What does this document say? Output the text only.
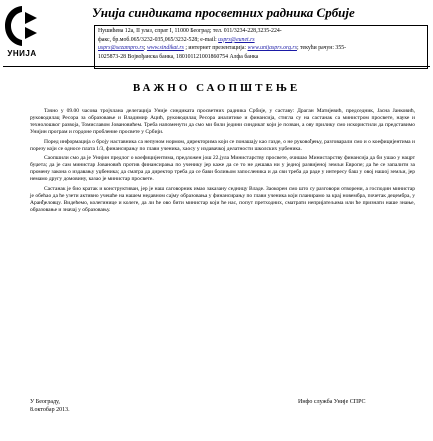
УНИЈА
Унија синдиката просветних радника Србије
Нушићева 12а, II улаз, спрат I, 11000 Београд; тел. 011/3234-228,3235-224-
факс, бр.моб.065/3232-035,065/3232-528; e-mail: usprs@eunet.rs
usprs@sezampro.rs; www.sindikat.rs ; интернет презентација: www.unijasprs.org.rs; текући рачун: 355-
1025873-28 Војвођанска банка, 180101121001860754 Алфа банка
ВАЖНО САОПШТЕЊЕ

Тачно у 09.00 часова тројчлана делегација Уније синдиката просветних радника Србије, у саставу: Драган Матијевић, председник, Јасна Јанковић, руководилац Ресора за образовање и Владимир Ацић, руководилац Ресора аналитике и финансија, стигла су на састанак са министром просвете, науке и технолошког развоја, Томиславом Јовановићем. Треба напоменути да смо ми били једини синдикат који је позван, а ову прилику смо искористили да представимо Унијин програм и гордоне пробление просвете у Србији.

Поред информација о броју наставника са непуном нормом, директорима који се понашају као газде, о не руковођењу, разговарали смо и о коефицијентима и порезу који се односе плата 1/3, финансирању по глави ученика, хаосу у издавачкој делатности школских уџбеника.

Саопшили смо да је Унијин предлог о коефицијентима, предложен још 22.јула Министарству просвете, очишао Министарству финансија да би ушао у нацрт буџета; да је сам министар Јовановић против финансирања по ученику јер каже да се то не дешава ни у једној развијеној земљи Европе; да ће се запалити за промену закона о издавању уџбеника; да сматра да директор треба да се бави болињом запосленика и да сви треба да раде у интересу баш у овој нашој земљи, јер немамо другу домовину, казао је министар просвете.

Састанак је био кратак и конструктиван, јер је наш саговорник имао заказану седницу Владе. Заокорен смо што су разговори отворени, а господин министар је обећао да ће узети активно учешће на нашем недавном сајму образовања у финансирању по глави ученика који планирамо за крај новембра, почетак децембра, у Аранђеловцу. Видећемо, колегинице и колеге, да ли ће ово бити министар који ће нас, попут претходних, сматрати непријатељима или ће признати наше знање, образовање и значај у образовању.

У Београду,
8.октобар 2013.
Инфо служба Уније СПРС
